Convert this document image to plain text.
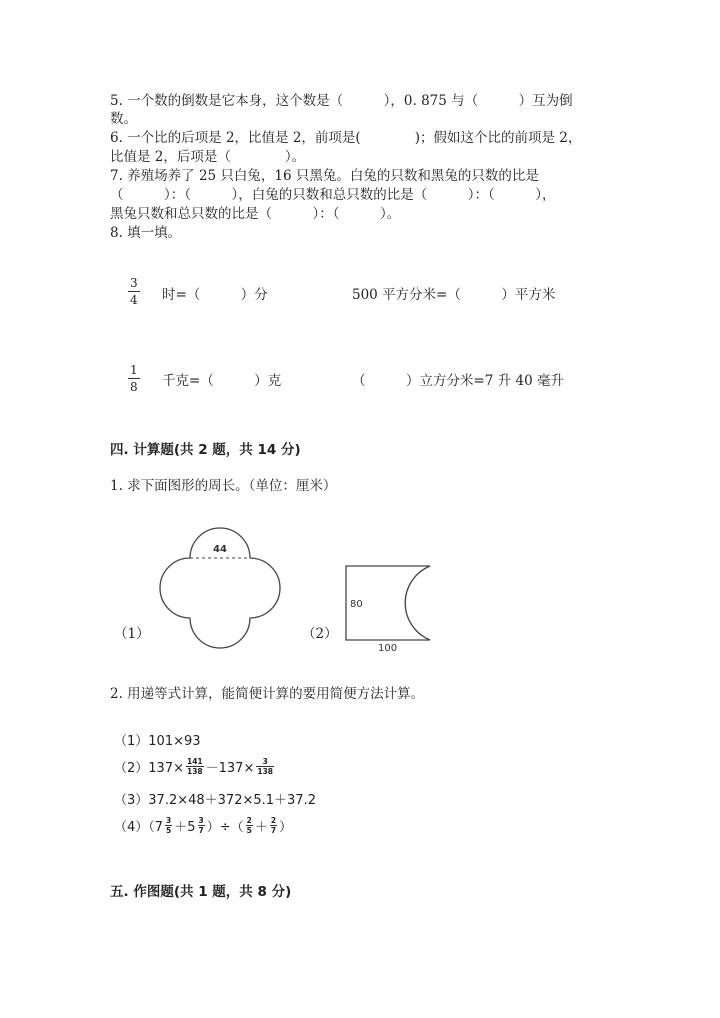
5. 一个数的倒数是它本身，这个数是（　　　），0. 875 与（　　　）互为倒
数。
6. 一个比的后项是 2，比值是 2，前项是(　　　　)；假如这个比的前项是 2，
比值是 2，后项是（　　　　）。
7. 养殖场养了 25 只白兔，16 只黑兔。白兔的只数和黑兔的只数的比是
（　　　）：（　　　），白兔的只数和总只数的比是（　　　）：（　　　），
黑兔只数和总只数的比是（　　　）：（　　　）。
8. 填一填。
3
4 时=（　　　）分	500 平方分米=（　　　）平方米
1
8 千克=（　　　）克	（　　　）立方分米=7 升 40 毫升
四. 计算题(共 2 题，共 14 分)
1. 求下面图形的周长。（单位：厘米）
（1）	（2）
44
80
100
2. 用递等式计算，能简便计算的要用简便方法计算。
（1）101×93
（2）137× 141
138 －137× 3
138
（3）37.2×48＋372×5.1＋37.2
（4）（7 3
5 ＋5 3
7 ）÷（ 2
5 ＋ 2
7 ）
五. 作图题(共 1 题，共 8 分)
